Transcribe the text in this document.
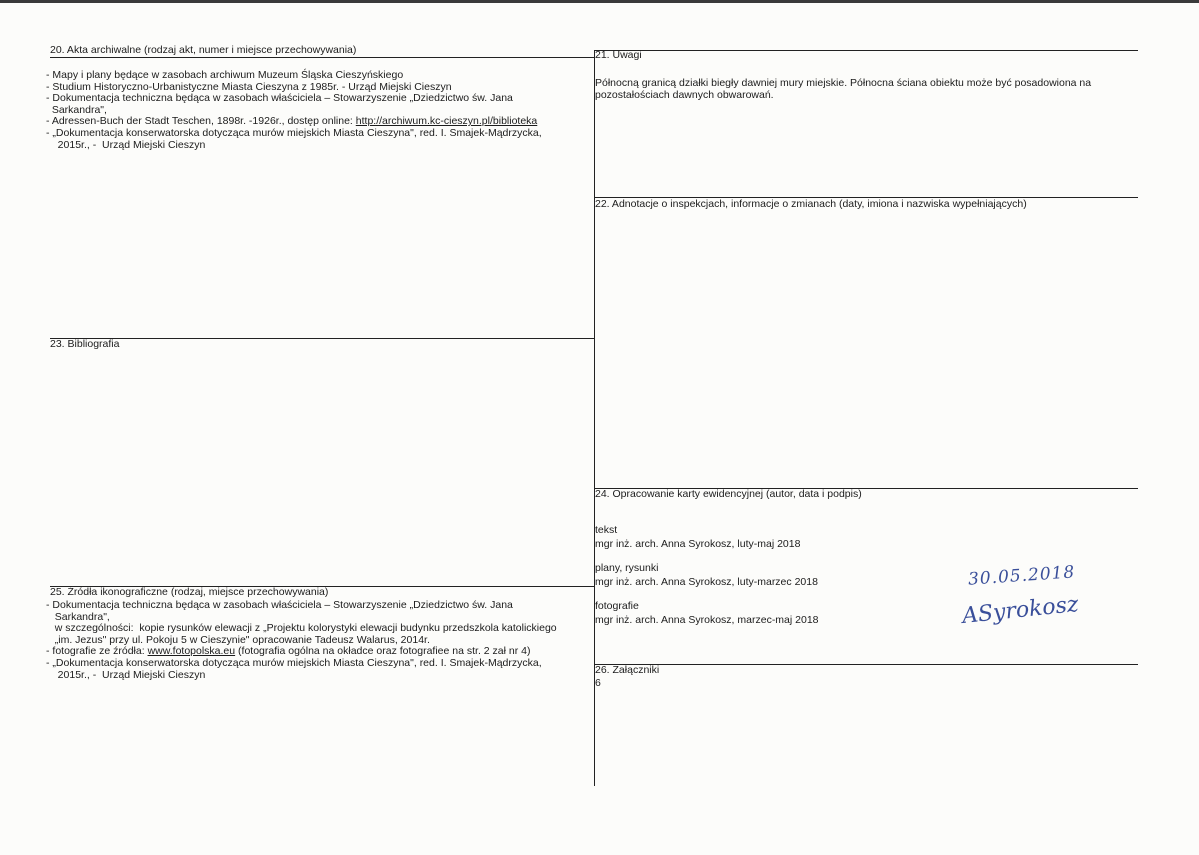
20. Akta archiwalne (rodzaj akt, numer i miejsce przechowywania)
- Mapy i plany będące w zasobach archiwum Muzeum Śląska Cieszyńskiego
- Studium Historyczno-Urbanistyczne Miasta Cieszyna z 1985r. - Urząd Miejski Cieszyn
- Dokumentacja techniczna będąca w zasobach właściciela – Stowarzyszenie „Dziedzictwo św. Jana
Sarkandra",
- Adressen-Buch der Stadt Teschen, 1898r. -1926r., dostęp online: http://archiwum.kc-cieszyn.pl/biblioteka
- „Dokumentacja konserwatorska dotycząca murów miejskich Miasta Cieszyna", red. I. Smajek-Mądrzycka,
2015r., -  Urząd Miejski Cieszyn
23. Bibliografia
25. Źródła ikonograficzne (rodzaj, miejsce przechowywania)
- Dokumentacja techniczna będąca w zasobach właściciela – Stowarzyszenie „Dziedzictwo św. Jana
Sarkandra",
w szczególności:  kopie rysunków elewacji z „Projektu kolorystyki elewacji budynku przedszkola katolickiego
„im. Jezus" przy ul. Pokoju 5 w Cieszynie" opracowanie Tadeusz Walarus, 2014r.
- fotografie ze źródła: www.fotopolska.eu (fotografia ogólna na okładce oraz fotografiee na str. 2 zał nr 4)
- „Dokumentacja konserwatorska dotycząca murów miejskich Miasta Cieszyna", red. I. Smajek-Mądrzycka,
2015r., -  Urząd Miejski Cieszyn
21. Uwagi
Północną granicą działki biegły dawniej mury miejskie. Północna ściana obiektu może być posadowiona na
pozostałościach dawnych obwarowań.
22. Adnotacje o inspekcjach, informacje o zmianach (daty, imiona i nazwiska wypełniających)
24. Opracowanie karty ewidencyjnej (autor, data i podpis)
tekst
mgr inż. arch. Anna Syrokosz, luty-maj 2018
plany, rysunki
mgr inż. arch. Anna Syrokosz, luty-marzec 2018
fotografie
mgr inż. arch. Anna Syrokosz, marzec-maj 2018
30.05.2018
ASyrokosz
26. Załączniki
6
